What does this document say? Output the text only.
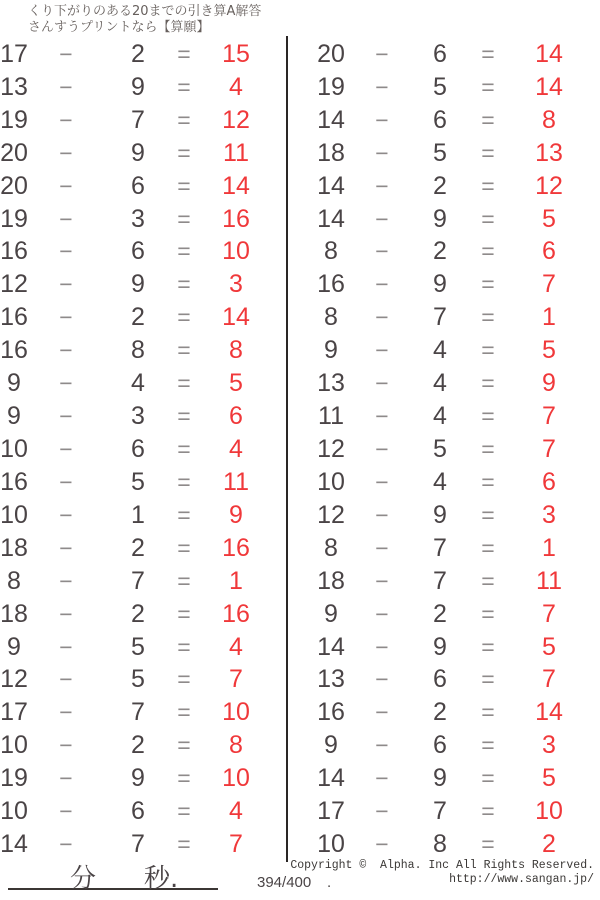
くり下がりのある20までの引き算A解答
さんすうプリントなら【算願】
17	−	2	=	15
13	−	9	=	4
19	−	7	=	12
20	−	9	=	11
20	−	6	=	14
19	−	3	=	16
16	−	6	=	10
12	−	9	=	3
16	−	2	=	14
16	−	8	=	8
9	−	4	=	5
9	−	3	=	6
10	−	6	=	4
16	−	5	=	11
10	−	1	=	9
18	−	2	=	16
8	−	7	=	1
18	−	2	=	16
9	−	5	=	4
12	−	5	=	7
17	−	7	=	10
10	−	2	=	8
19	−	9	=	10
10	−	6	=	4
14	−	7	=	7
20	−	6	=	14
19	−	5	=	14
14	−	6	=	8
18	−	5	=	13
14	−	2	=	12
14	−	9	=	5
8	−	2	=	6
16	−	9	=	7
8	−	7	=	1
9	−	4	=	5
13	−	4	=	9
11	−	4	=	7
12	−	5	=	7
10	−	4	=	6
12	−	9	=	3
8	−	7	=	1
18	−	7	=	11
9	−	2	=	7
14	−	9	=	5
13	−	6	=	7
16	−	2	=	14
9	−	6	=	3
14	−	9	=	5
17	−	7	=	10
10	−	8	=	2
分 秒.	394/400 .
Copyright ©  Alpha. Inc All Rights Reserved.
http://www.sangan.jp/
